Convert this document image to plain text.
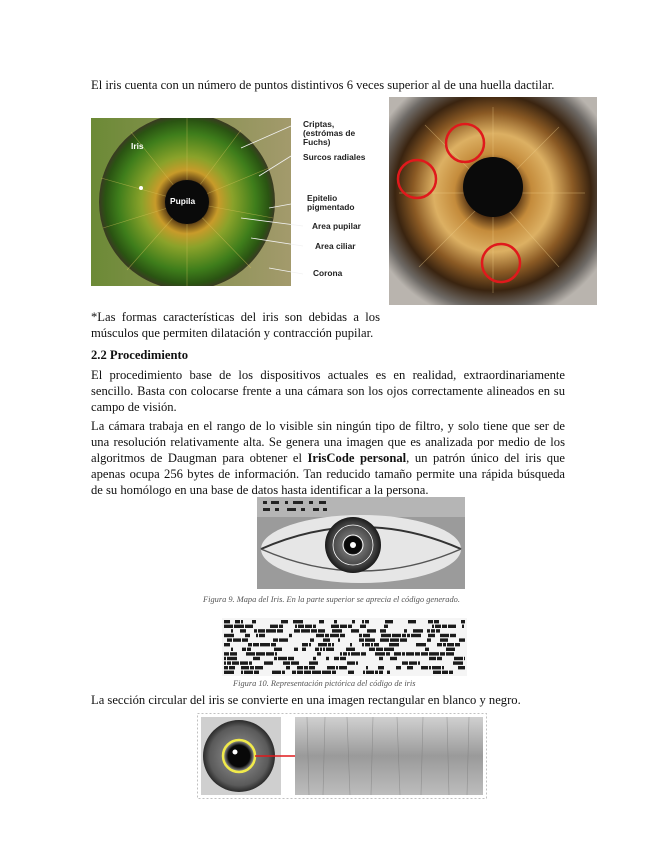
El iris cuenta con un número de puntos distintivos 6 veces superior al de una huella dactilar.

Iris
Pupila
Criptas,
(estrómas de
Fuchs)
Surcos radiales
Epitelio
pigmentado
Area pupilar
Area ciliar
Corona

*Las formas características del iris son debidas a los

músculos que permiten dilatación y contracción pupilar.

2.2 Procedimiento

El procedimiento base de los dispositivos actuales es en realidad, extraordinariamente sencillo. Basta con colocarse frente a una cámara son los ojos correctamente alineados en su campo de visión.

La cámara trabaja en el rango de lo visible sin ningún tipo de filtro, y solo tiene que ser de una resolución relativamente alta. Se genera una imagen que es analizada por medio de los algoritmos de Daugman para obtener el IrisCode personal, un patrón único del iris que apenas ocupa 256 bytes de información. Tan reducido tamaño permite una rápida búsqueda de su homólogo en una base de datos hasta identificar a la persona.

Figura 9. Mapa del Iris. En la parte superior se aprecia el código generado.

Figura 10. Representación pictórica del código de iris

La sección circular del iris se convierte en una imagen rectangular en blanco y negro.
